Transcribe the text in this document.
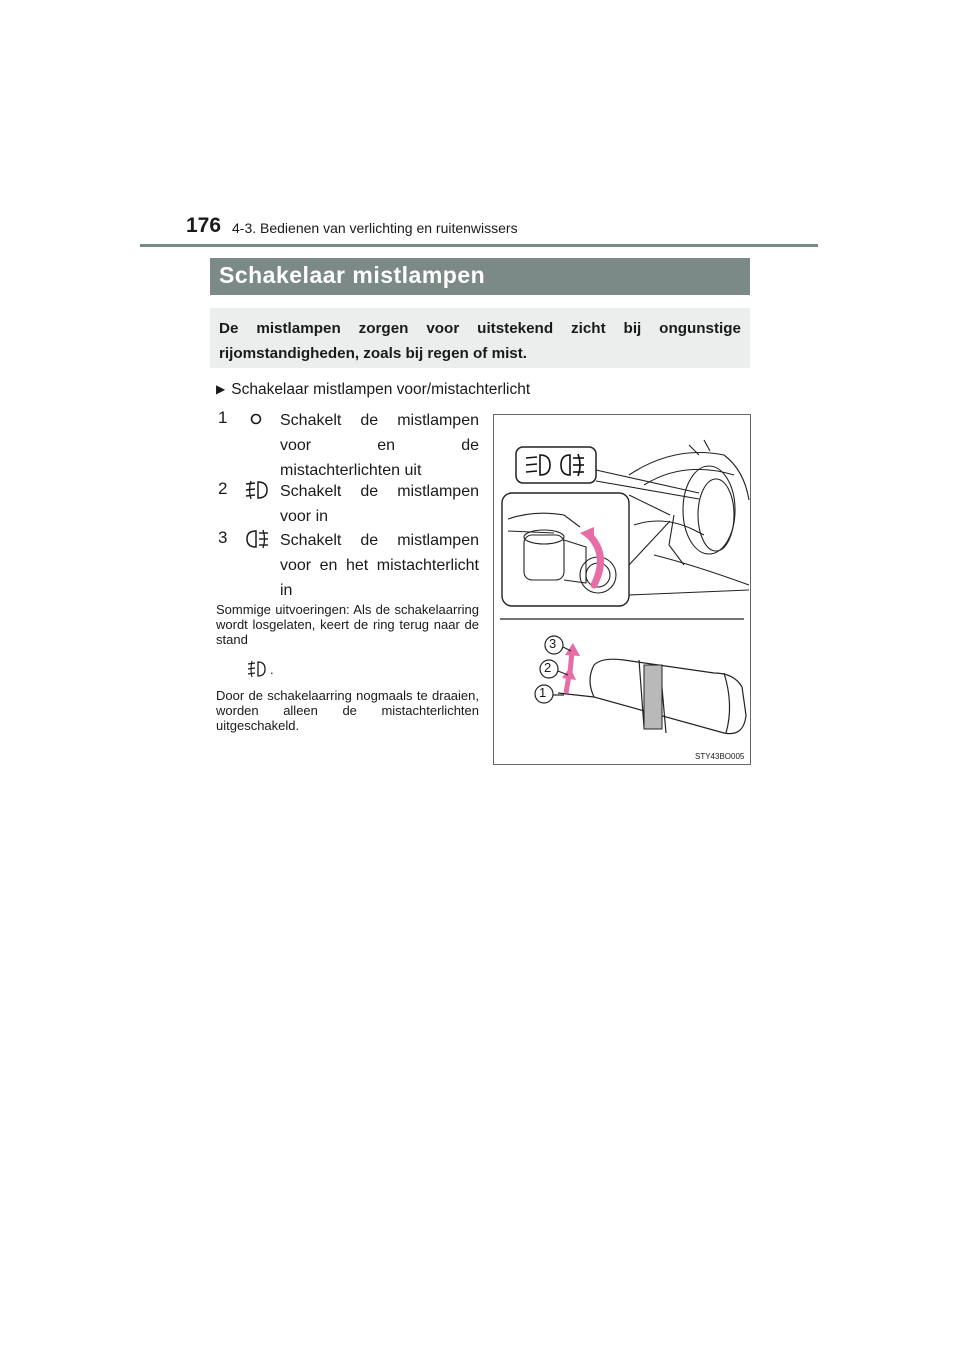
176 4-3. Bedienen van verlichting en ruitenwissers
Schakelaar mistlampen
De mistlampen zorgen voor uitstekend zicht bij ongunstige rijomstandigheden, zoals bij regen of mist.
▶ Schakelaar mistlampen voor/mistachterlicht
1	Schakelt de mistlampen voor en de mistachterlichten uit
2	Schakelt de mistlampen voor in
3	Schakelt de mistlampen voor en het mistachterlicht in
Sommige uitvoeringen: Als de schakelaarring wordt losgelaten, keert de ring terug naar de stand
.
Door de schakelaarring nogmaals te draaien, worden alleen de mistachterlichten uitgeschakeld.
3
2
1
STY43BO005
